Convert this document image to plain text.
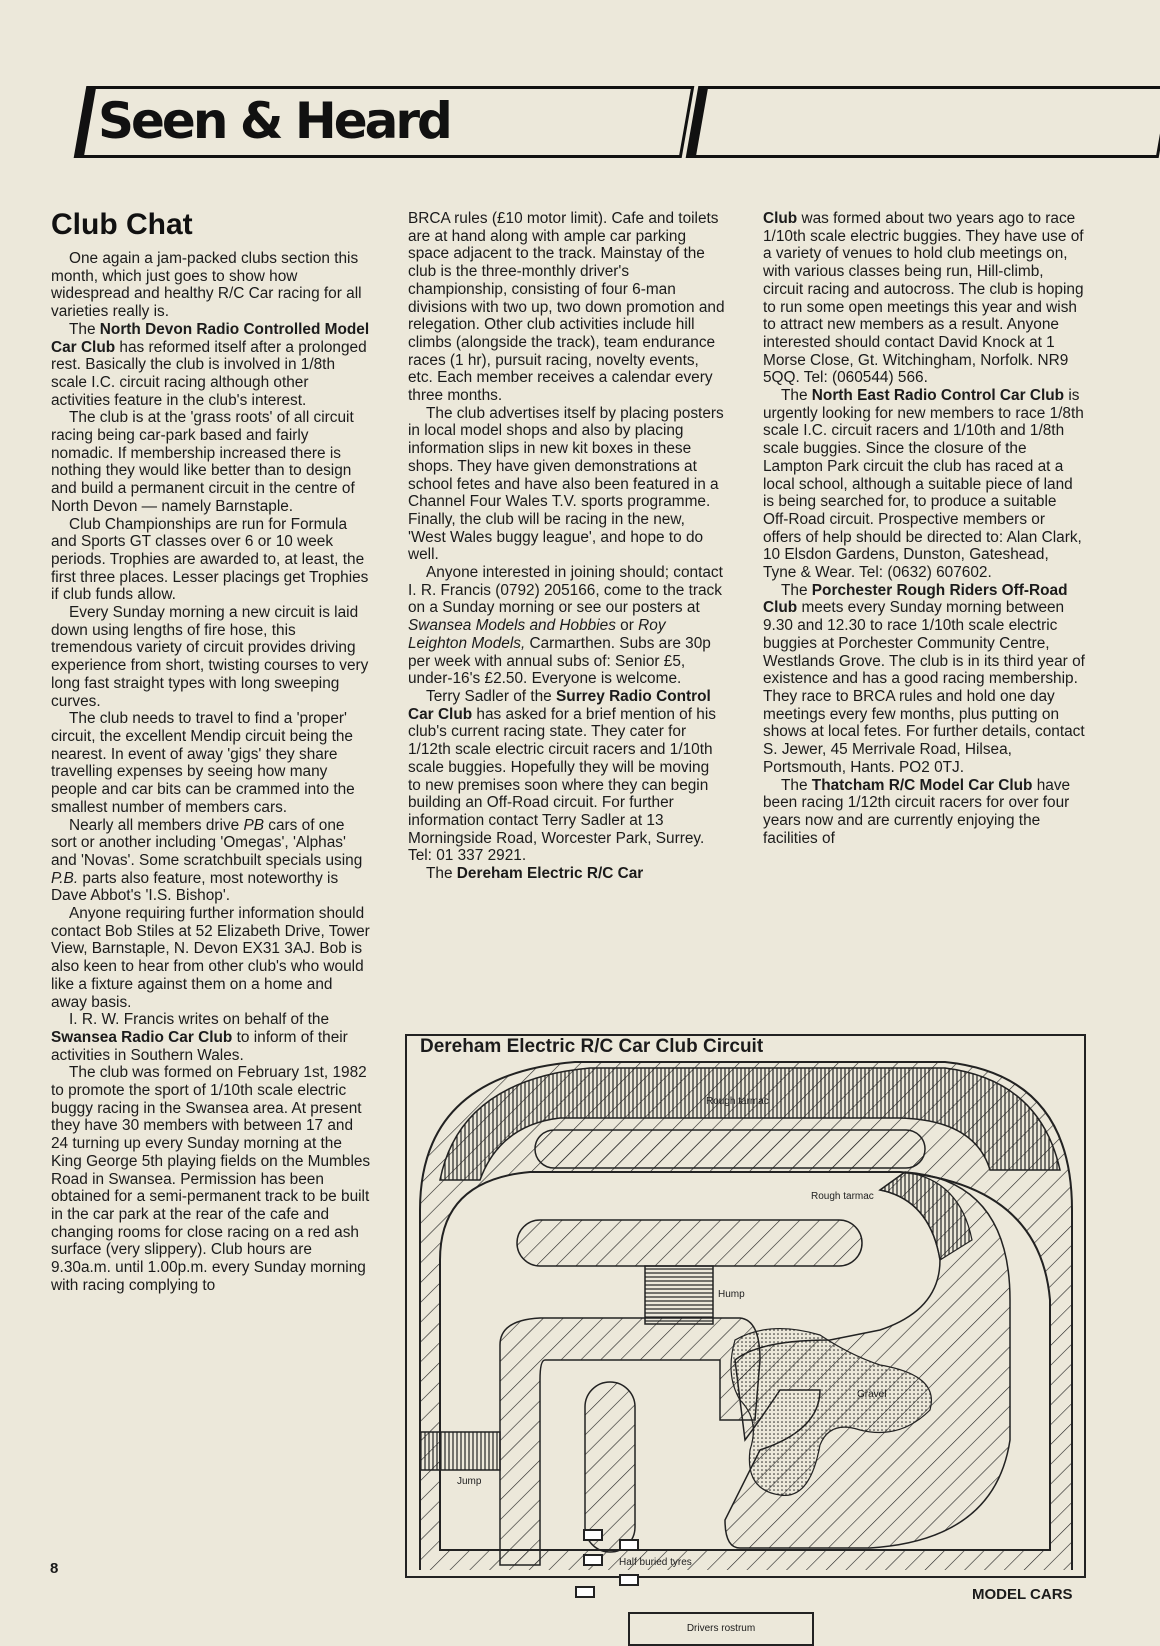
Seen & Heard
Club Chat

One again a jam-packed clubs section this month, which just goes to show how widespread and healthy R/C Car racing for all varieties really is.

The North Devon Radio Controlled Model Car Club has reformed itself after a prolonged rest. Basically the club is involved in 1/8th scale I.C. circuit racing although other activities feature in the club's interest.

The club is at the 'grass roots' of all circuit racing being car-park based and fairly nomadic. If membership increased there is nothing they would like better than to design and build a permanent circuit in the centre of North Devon — namely Barnstaple.

Club Championships are run for Formula and Sports GT classes over 6 or 10 week periods. Trophies are awarded to, at least, the first three places. Lesser placings get Trophies if club funds allow.

Every Sunday morning a new circuit is laid down using lengths of fire hose, this tremendous variety of circuit provides driving experience from short, twisting courses to very long fast straight types with long sweeping curves.

The club needs to travel to find a 'proper' circuit, the excellent Mendip circuit being the nearest. In event of away 'gigs' they share travelling expenses by seeing how many people and car bits can be crammed into the smallest number of members cars.

Nearly all members drive PB cars of one sort or another including 'Omegas', 'Alphas' and 'Novas'. Some scratchbuilt specials using P.B. parts also feature, most noteworthy is Dave Abbot's 'I.S. Bishop'.

Anyone requiring further information should contact Bob Stiles at 52 Elizabeth Drive, Tower View, Barnstaple, N. Devon EX31 3AJ. Bob is also keen to hear from other club's who would like a fixture against them on a home and away basis.

I. R. W. Francis writes on behalf of the Swansea Radio Car Club to inform of their activities in Southern Wales.

The club was formed on February 1st, 1982 to promote the sport of 1/10th scale electric buggy racing in the Swansea area. At present they have 30 members with between 17 and 24 turning up every Sunday morning at the King George 5th playing fields on the Mumbles Road in Swansea. Permission has been obtained for a semi-permanent track to be built in the car park at the rear of the cafe and changing rooms for close racing on a red ash surface (very slippery). Club hours are 9.30a.m. until 1.00p.m. every Sunday morning with racing complying to

BRCA rules (£10 motor limit). Cafe and toilets are at hand along with ample car parking space adjacent to the track. Mainstay of the club is the three-monthly driver's championship, consisting of four 6-man divisions with two up, two down promotion and relegation. Other club activities include hill climbs (alongside the track), team endurance races (1 hr), pursuit racing, novelty events, etc. Each member receives a calendar every three months.

The club advertises itself by placing posters in local model shops and also by placing information slips in new kit boxes in these shops. They have given demonstrations at school fetes and have also been featured in a Channel Four Wales T.V. sports programme. Finally, the club will be racing in the new, 'West Wales buggy league', and hope to do well.

Anyone interested in joining should; contact I. R. Francis (0792) 205166, come to the track on a Sunday morning or see our posters at Swansea Models and Hobbies or Roy Leighton Models, Carmarthen. Subs are 30p per week with annual subs of: Senior £5, under-16's £2.50. Everyone is welcome.

Terry Sadler of the Surrey Radio Control Car Club has asked for a brief mention of his club's current racing state. They cater for 1/12th scale electric circuit racers and 1/10th scale buggies. Hopefully they will be moving to new premises soon where they can begin building an Off-Road circuit. For further information contact Terry Sadler at 13 Morningside Road, Worcester Park, Surrey. Tel: 01 337 2921.

The Dereham Electric R/C Car

Club was formed about two years ago to race 1/10th scale electric buggies. They have use of a variety of venues to hold club meetings on, with various classes being run, Hill-climb, circuit racing and autocross. The club is hoping to run some open meetings this year and wish to attract new members as a result. Anyone interested should contact David Knock at 1 Morse Close, Gt. Witchingham, Norfolk. NR9 5QQ. Tel: (060544) 566.

The North East Radio Control Car Club is urgently looking for new members to race 1/8th scale I.C. circuit racers and 1/10th and 1/8th scale buggies. Since the closure of the Lampton Park circuit the club has raced at a local school, although a suitable piece of land is being searched for, to produce a suitable Off-Road circuit. Prospective members or offers of help should be directed to: Alan Clark, 10 Elsdon Gardens, Dunston, Gateshead, Tyne & Wear. Tel: (0632) 607602.

The Porchester Rough Riders Off-Road Club meets every Sunday morning between 9.30 and 12.30 to race 1/10th scale electric buggies at Porchester Community Centre, Westlands Grove. The club is in its third year of existence and has a good racing membership. They race to BRCA rules and hold one day meetings every few months, plus putting on shows at local fetes. For further details, contact S. Jewer, 45 Merrivale Road, Hilsea, Portsmouth, Hants. PO2 0TJ.

The Thatcham R/C Model Car Club have been racing 1/12th circuit racers for over four years now and are currently enjoying the facilities of

Dereham Electric R/C Car Club Circuit
Rough tarmac
Rough tarmac
Hump
Gravel
Jump
Half buried tyres
Drivers rostrum
8
MODEL CARS
